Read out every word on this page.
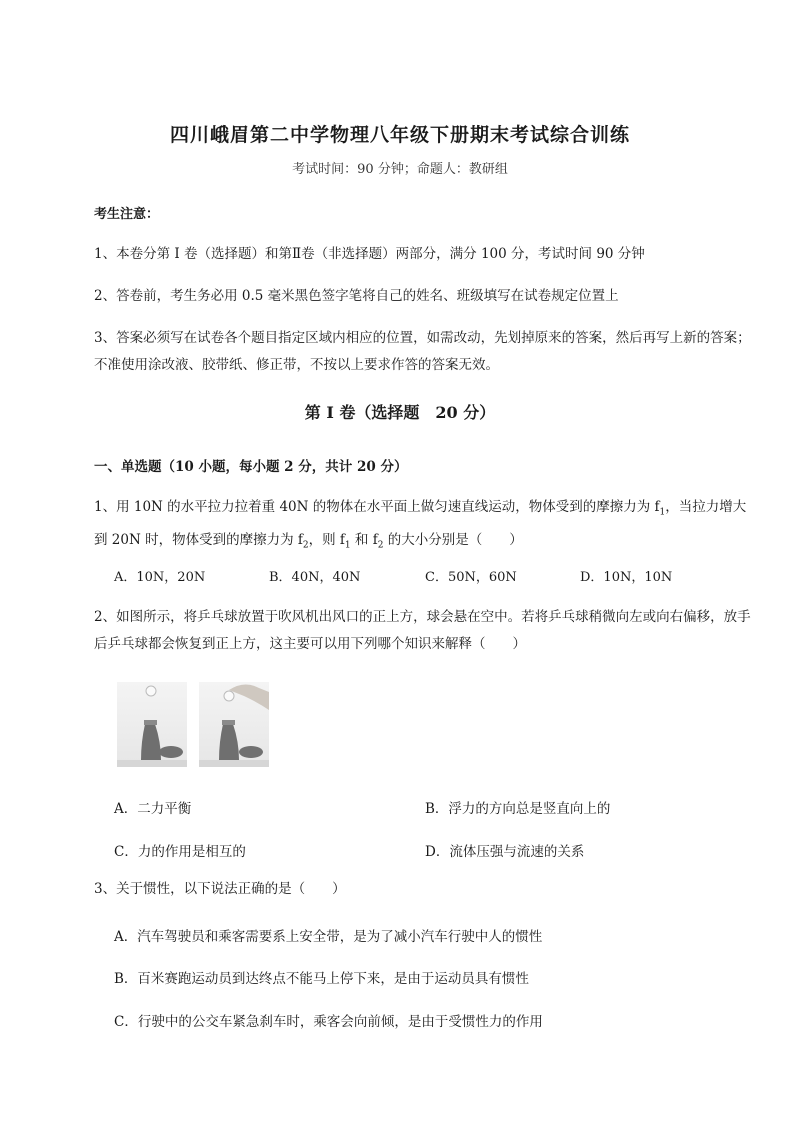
四川峨眉第二中学物理八年级下册期末考试综合训练
考试时间：90 分钟；命题人：教研组
考生注意：
1、本卷分第 I 卷（选择题）和第Ⅱ卷（非选择题）两部分，满分 100 分，考试时间 90 分钟
2、答卷前，考生务必用 0.5 毫米黑色签字笔将自己的姓名、班级填写在试卷规定位置上
3、答案必须写在试卷各个题目指定区域内相应的位置，如需改动，先划掉原来的答案，然后再写上新的答案；不准使用涂改液、胶带纸、修正带，不按以上要求作答的答案无效。
第 I 卷（选择题　20 分）
一、单选题（10 小题，每小题 2 分，共计 20 分）
1、用 10N 的水平拉力拉着重 40N 的物体在水平面上做匀速直线运动，物体受到的摩擦力为 $f_1$，当拉力增大到 20N 时，物体受到的摩擦力为 $f_2$，则 $f_1$ 和 $f_2$ 的大小分别是（　　）
A．10N，20N	B．40N，40N	C．50N，60N	D．10N，10N
2、如图所示，将乒乓球放置于吹风机出风口的正上方，球会悬在空中。若将乒乓球稍微向左或向右偏移，放手后乒乓球都会恢复到正上方，这主要可以用下列哪个知识来解释（　　）
A．二力平衡	B．浮力的方向总是竖直向上的
C．力的作用是相互的	D．流体压强与流速的关系
3、关于惯性，以下说法正确的是（　　）
A．汽车驾驶员和乘客需要系上安全带，是为了减小汽车行驶中人的惯性
B．百米赛跑运动员到达终点不能马上停下来，是由于运动员具有惯性
C．行驶中的公交车紧急刹车时，乘客会向前倾，是由于受惯性力的作用
